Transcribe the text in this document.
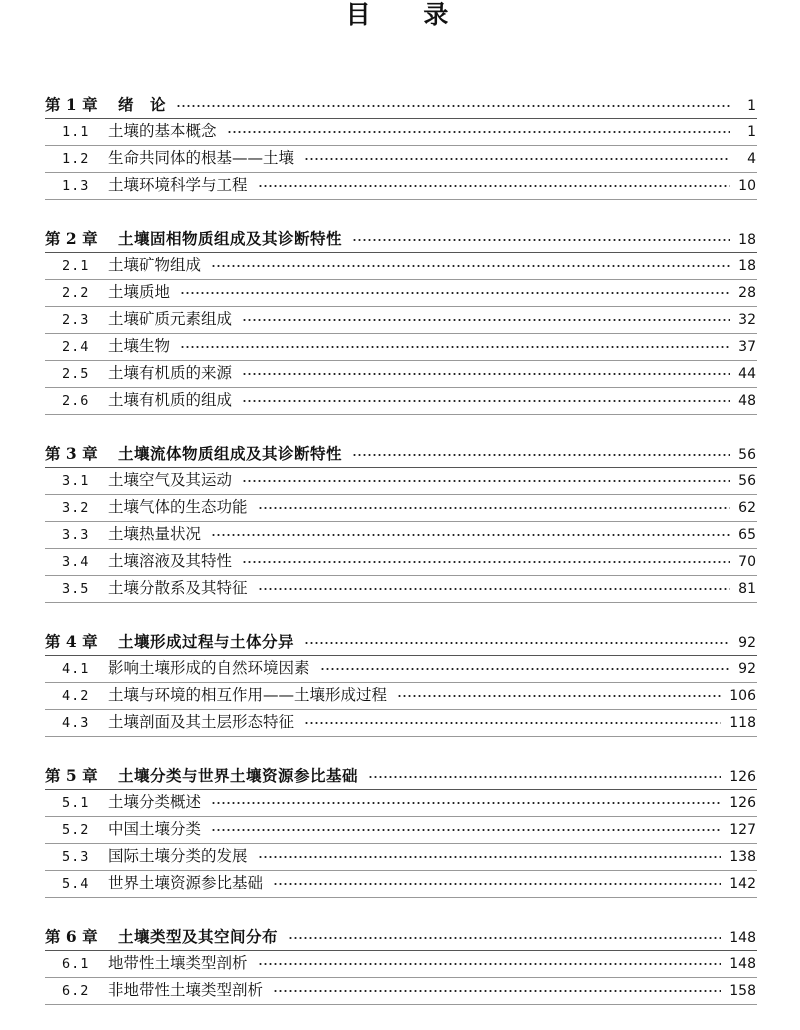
目 录
第 1 章	绪　论	1
1.1	土壤的基本概念	1
1.2	生命共同体的根基——土壤	4
1.3	土壤环境科学与工程	10
第 2 章	土壤固相物质组成及其诊断特性	18
2.1	土壤矿物组成	18
2.2	土壤质地	28
2.3	土壤矿质元素组成	32
2.4	土壤生物	37
2.5	土壤有机质的来源	44
2.6	土壤有机质的组成	48
第 3 章	土壤流体物质组成及其诊断特性	56
3.1	土壤空气及其运动	56
3.2	土壤气体的生态功能	62
3.3	土壤热量状况	65
3.4	土壤溶液及其特性	70
3.5	土壤分散系及其特征	81
第 4 章	土壤形成过程与土体分异	92
4.1	影响土壤形成的自然环境因素	92
4.2	土壤与环境的相互作用——土壤形成过程	106
4.3	土壤剖面及其土层形态特征	118
第 5 章	土壤分类与世界土壤资源参比基础	126
5.1	土壤分类概述	126
5.2	中国土壤分类	127
5.3	国际土壤分类的发展	138
5.4	世界土壤资源参比基础	142
第 6 章	土壤类型及其空间分布	148
6.1	地带性土壤类型剖析	148
6.2	非地带性土壤类型剖析	158
